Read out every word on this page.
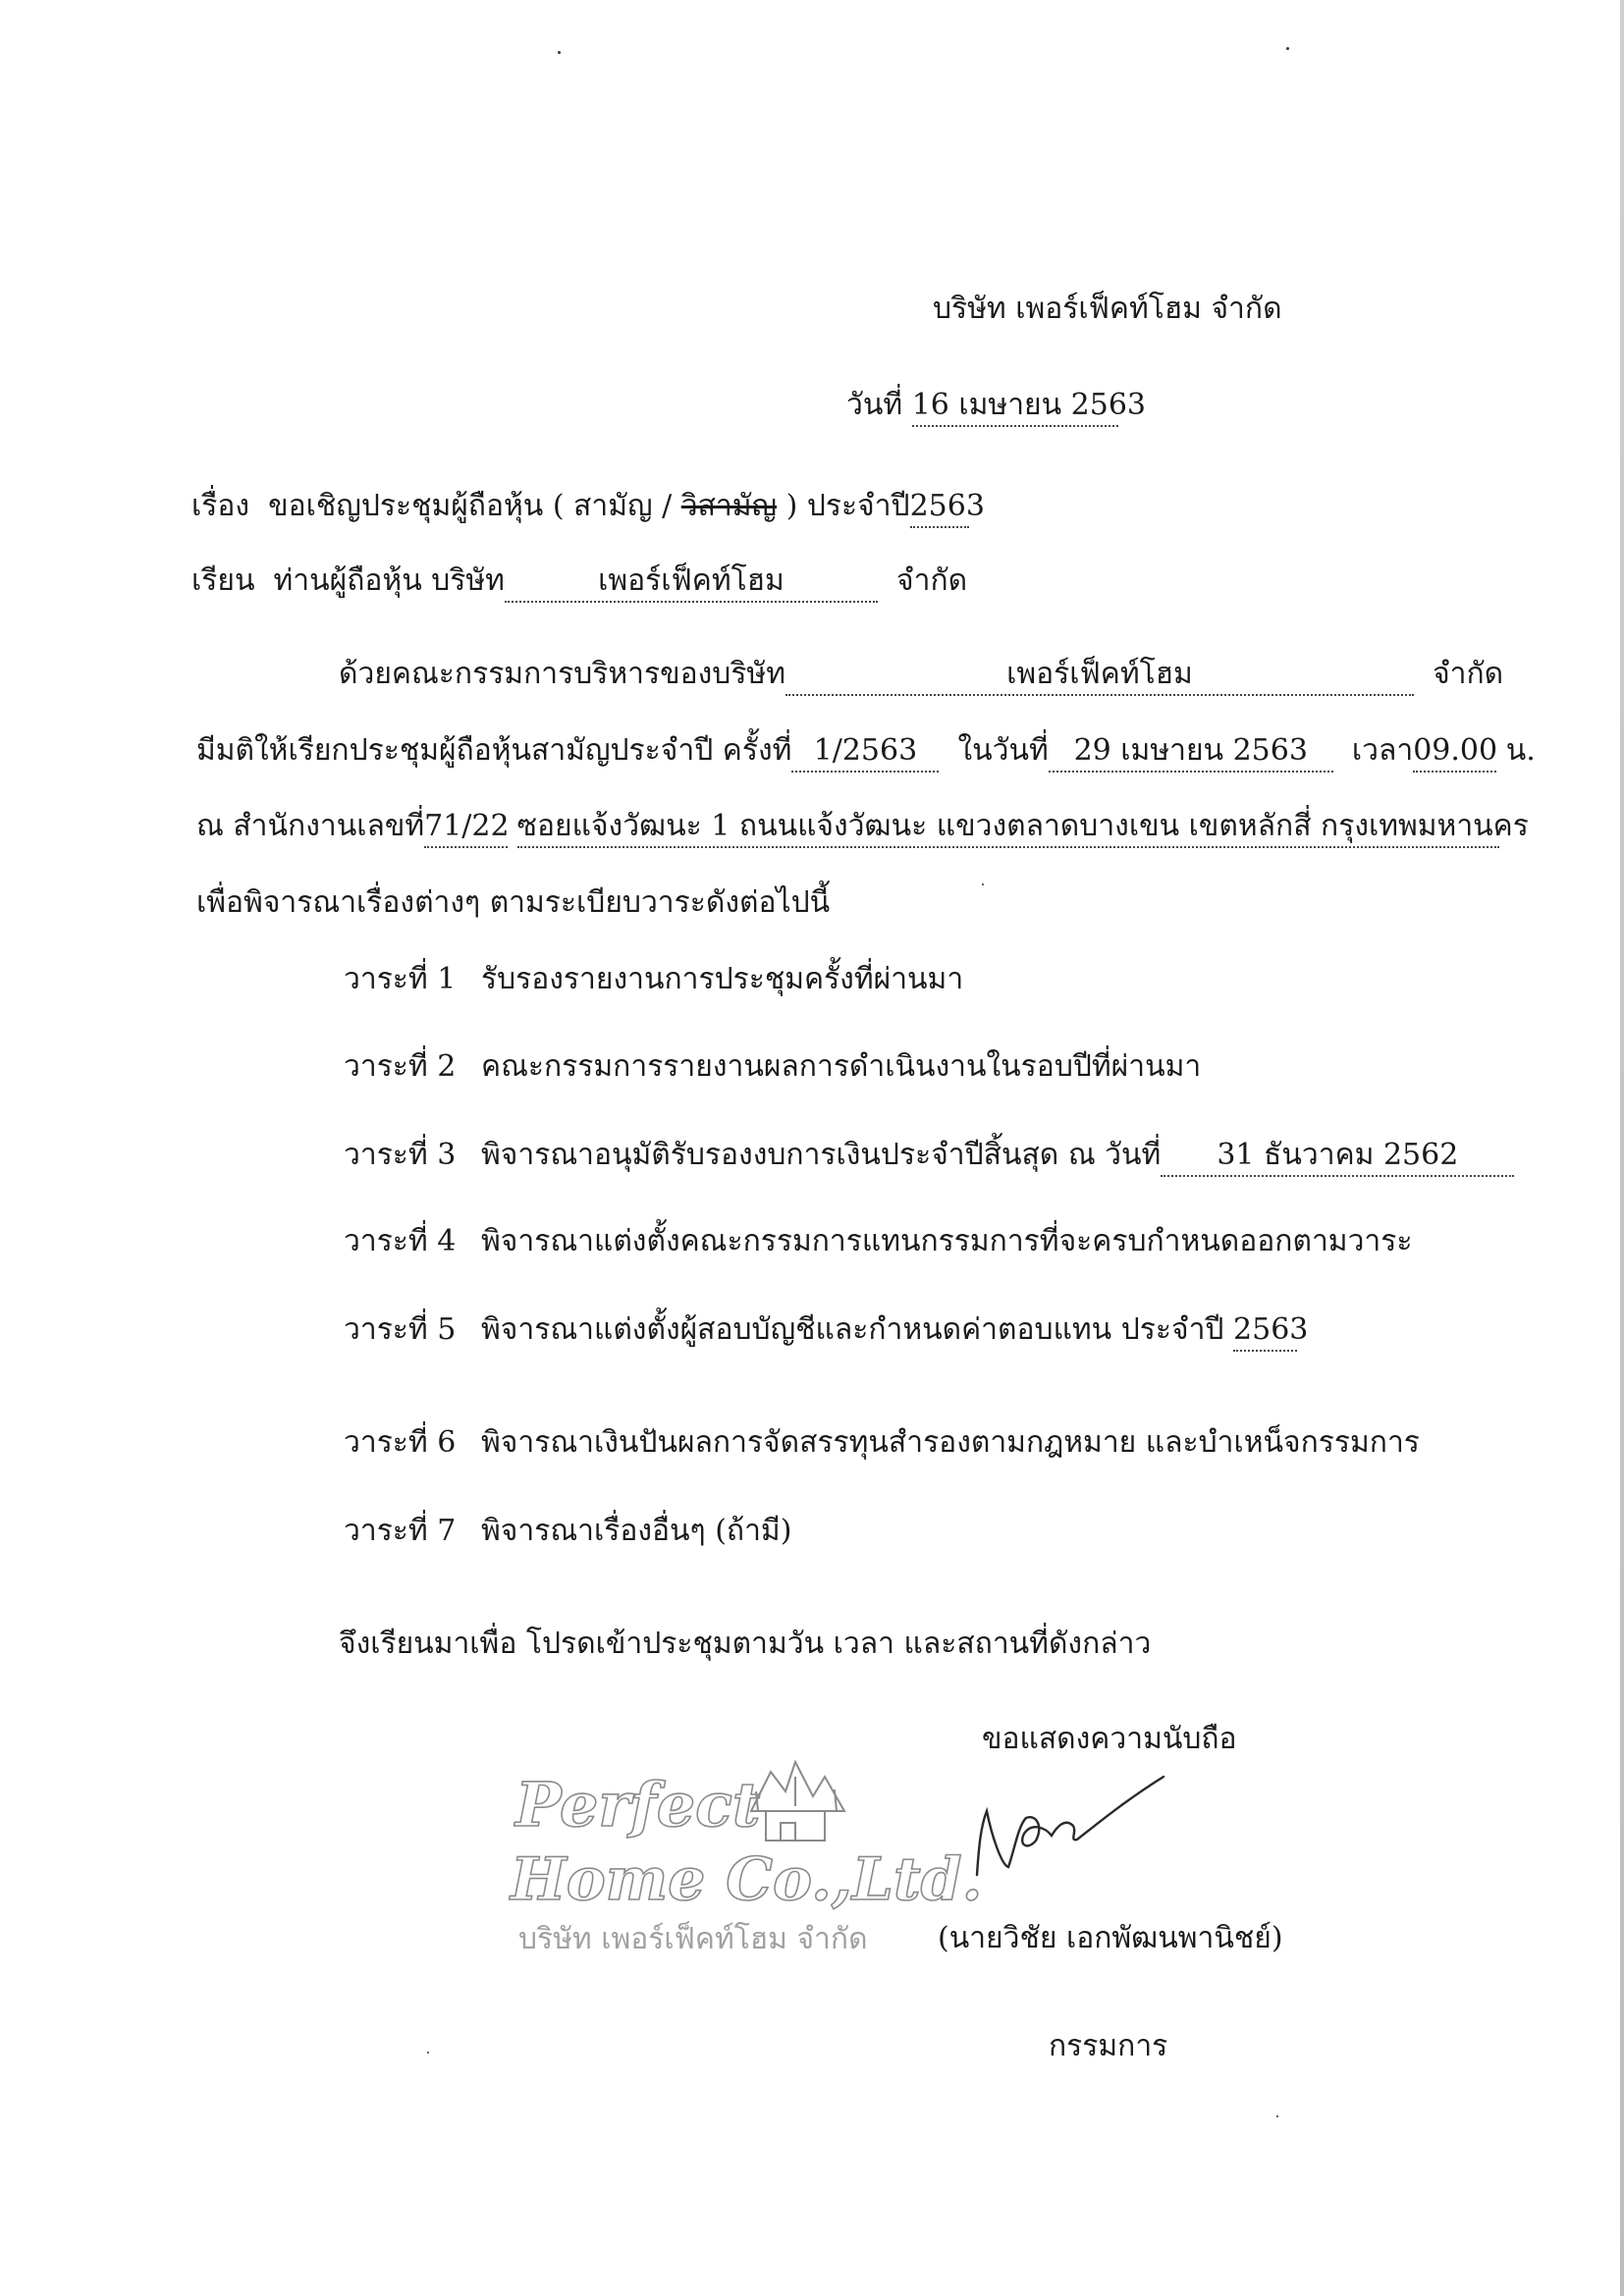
บริษัท เพอร์เฟ็คท์โฮม จำกัด
วันที่ 16 เมษายน 2563
เรื่อง ขอเชิญประชุมผู้ถือหุ้น ( สามัญ / วิสามัญ ) ประจำปี2563
เรียน ท่านผู้ถือหุ้น บริษัท	เพอร์เฟ็คท์โฮม	จำกัด
ด้วยคณะกรรมการบริหารของบริษัท	เพอร์เฟ็คท์โฮม	จำกัด
มีมติให้เรียกประชุมผู้ถือหุ้นสามัญประจำปี ครั้งที่ 1/2563 ในวันที่ 29 เมษายน 2563 เวลา09.00 น.
ณ สำนักงานเลขที่71/22 ซอยแจ้งวัฒนะ 1 ถนนแจ้งวัฒนะ แขวงตลาดบางเขน เขตหลักสี่ กรุงเทพมหานคร
เพื่อพิจารณาเรื่องต่างๆ ตามระเบียบวาระดังต่อไปนี้
วาระที่ 1 รับรองรายงานการประชุมครั้งที่ผ่านมา
วาระที่ 2 คณะกรรมการรายงานผลการดำเนินงานในรอบปีที่ผ่านมา
วาระที่ 3 พิจารณาอนุมัติรับรองงบการเงินประจำปีสิ้นสุด ณ วันที่ 31 ธันวาคม 2562
วาระที่ 4 พิจารณาแต่งตั้งคณะกรรมการแทนกรรมการที่จะครบกำหนดออกตามวาระ
วาระที่ 5 พิจารณาแต่งตั้งผู้สอบบัญชีและกำหนดค่าตอบแทน ประจำปี 2563
วาระที่ 6 พิจารณาเงินปันผลการจัดสรรทุนสำรองตามกฎหมาย และบำเหน็จกรรมการ
วาระที่ 7 พิจารณาเรื่องอื่นๆ (ถ้ามี)
จึงเรียนมาเพื่อ โปรดเข้าประชุมตามวัน เวลา และสถานที่ดังกล่าว
ขอแสดงความนับถือ
Perfect
Home Co.,Ltd.
บริษัท เพอร์เฟ็คท์โฮม จำกัด (นายวิชัย เอกพัฒนพานิชย์)
กรรมการ
